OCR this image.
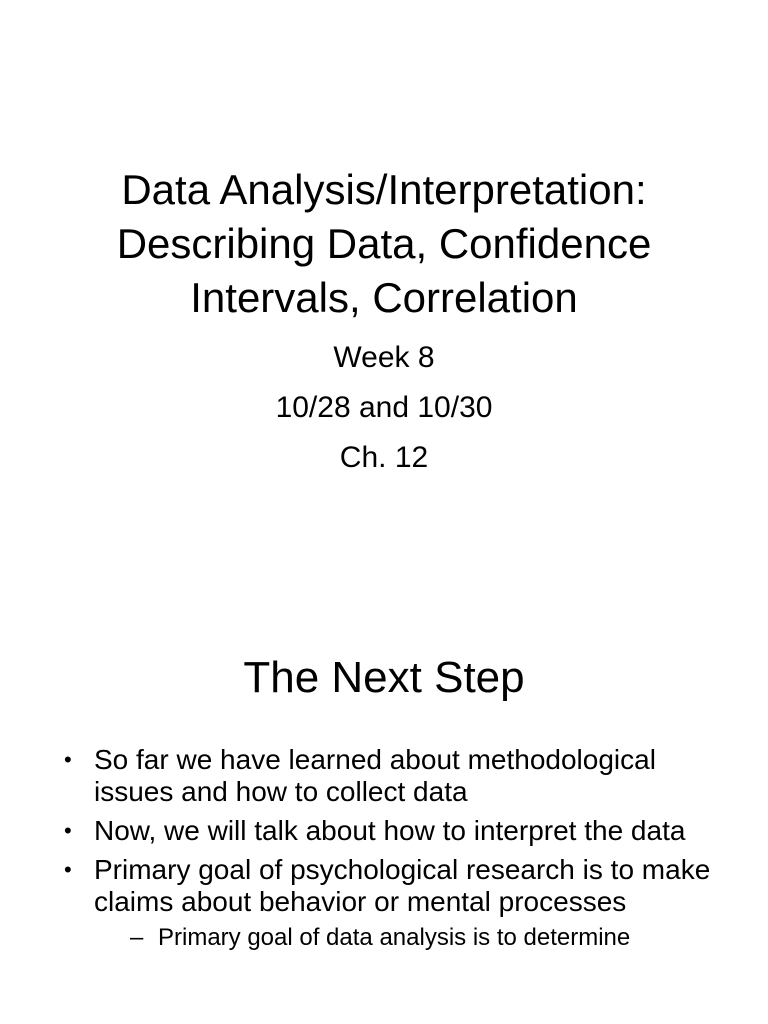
Data Analysis/Interpretation:
Describing Data, Confidence
Intervals, Correlation
Week 8
10/28 and 10/30
Ch. 12
The Next Step
• So far we have learned about methodological issues and how to collect data
• Now, we will talk about how to interpret the data
• Primary goal of psychological research is to make claims about behavior or mental processes
– Primary goal of data analysis is to determine
